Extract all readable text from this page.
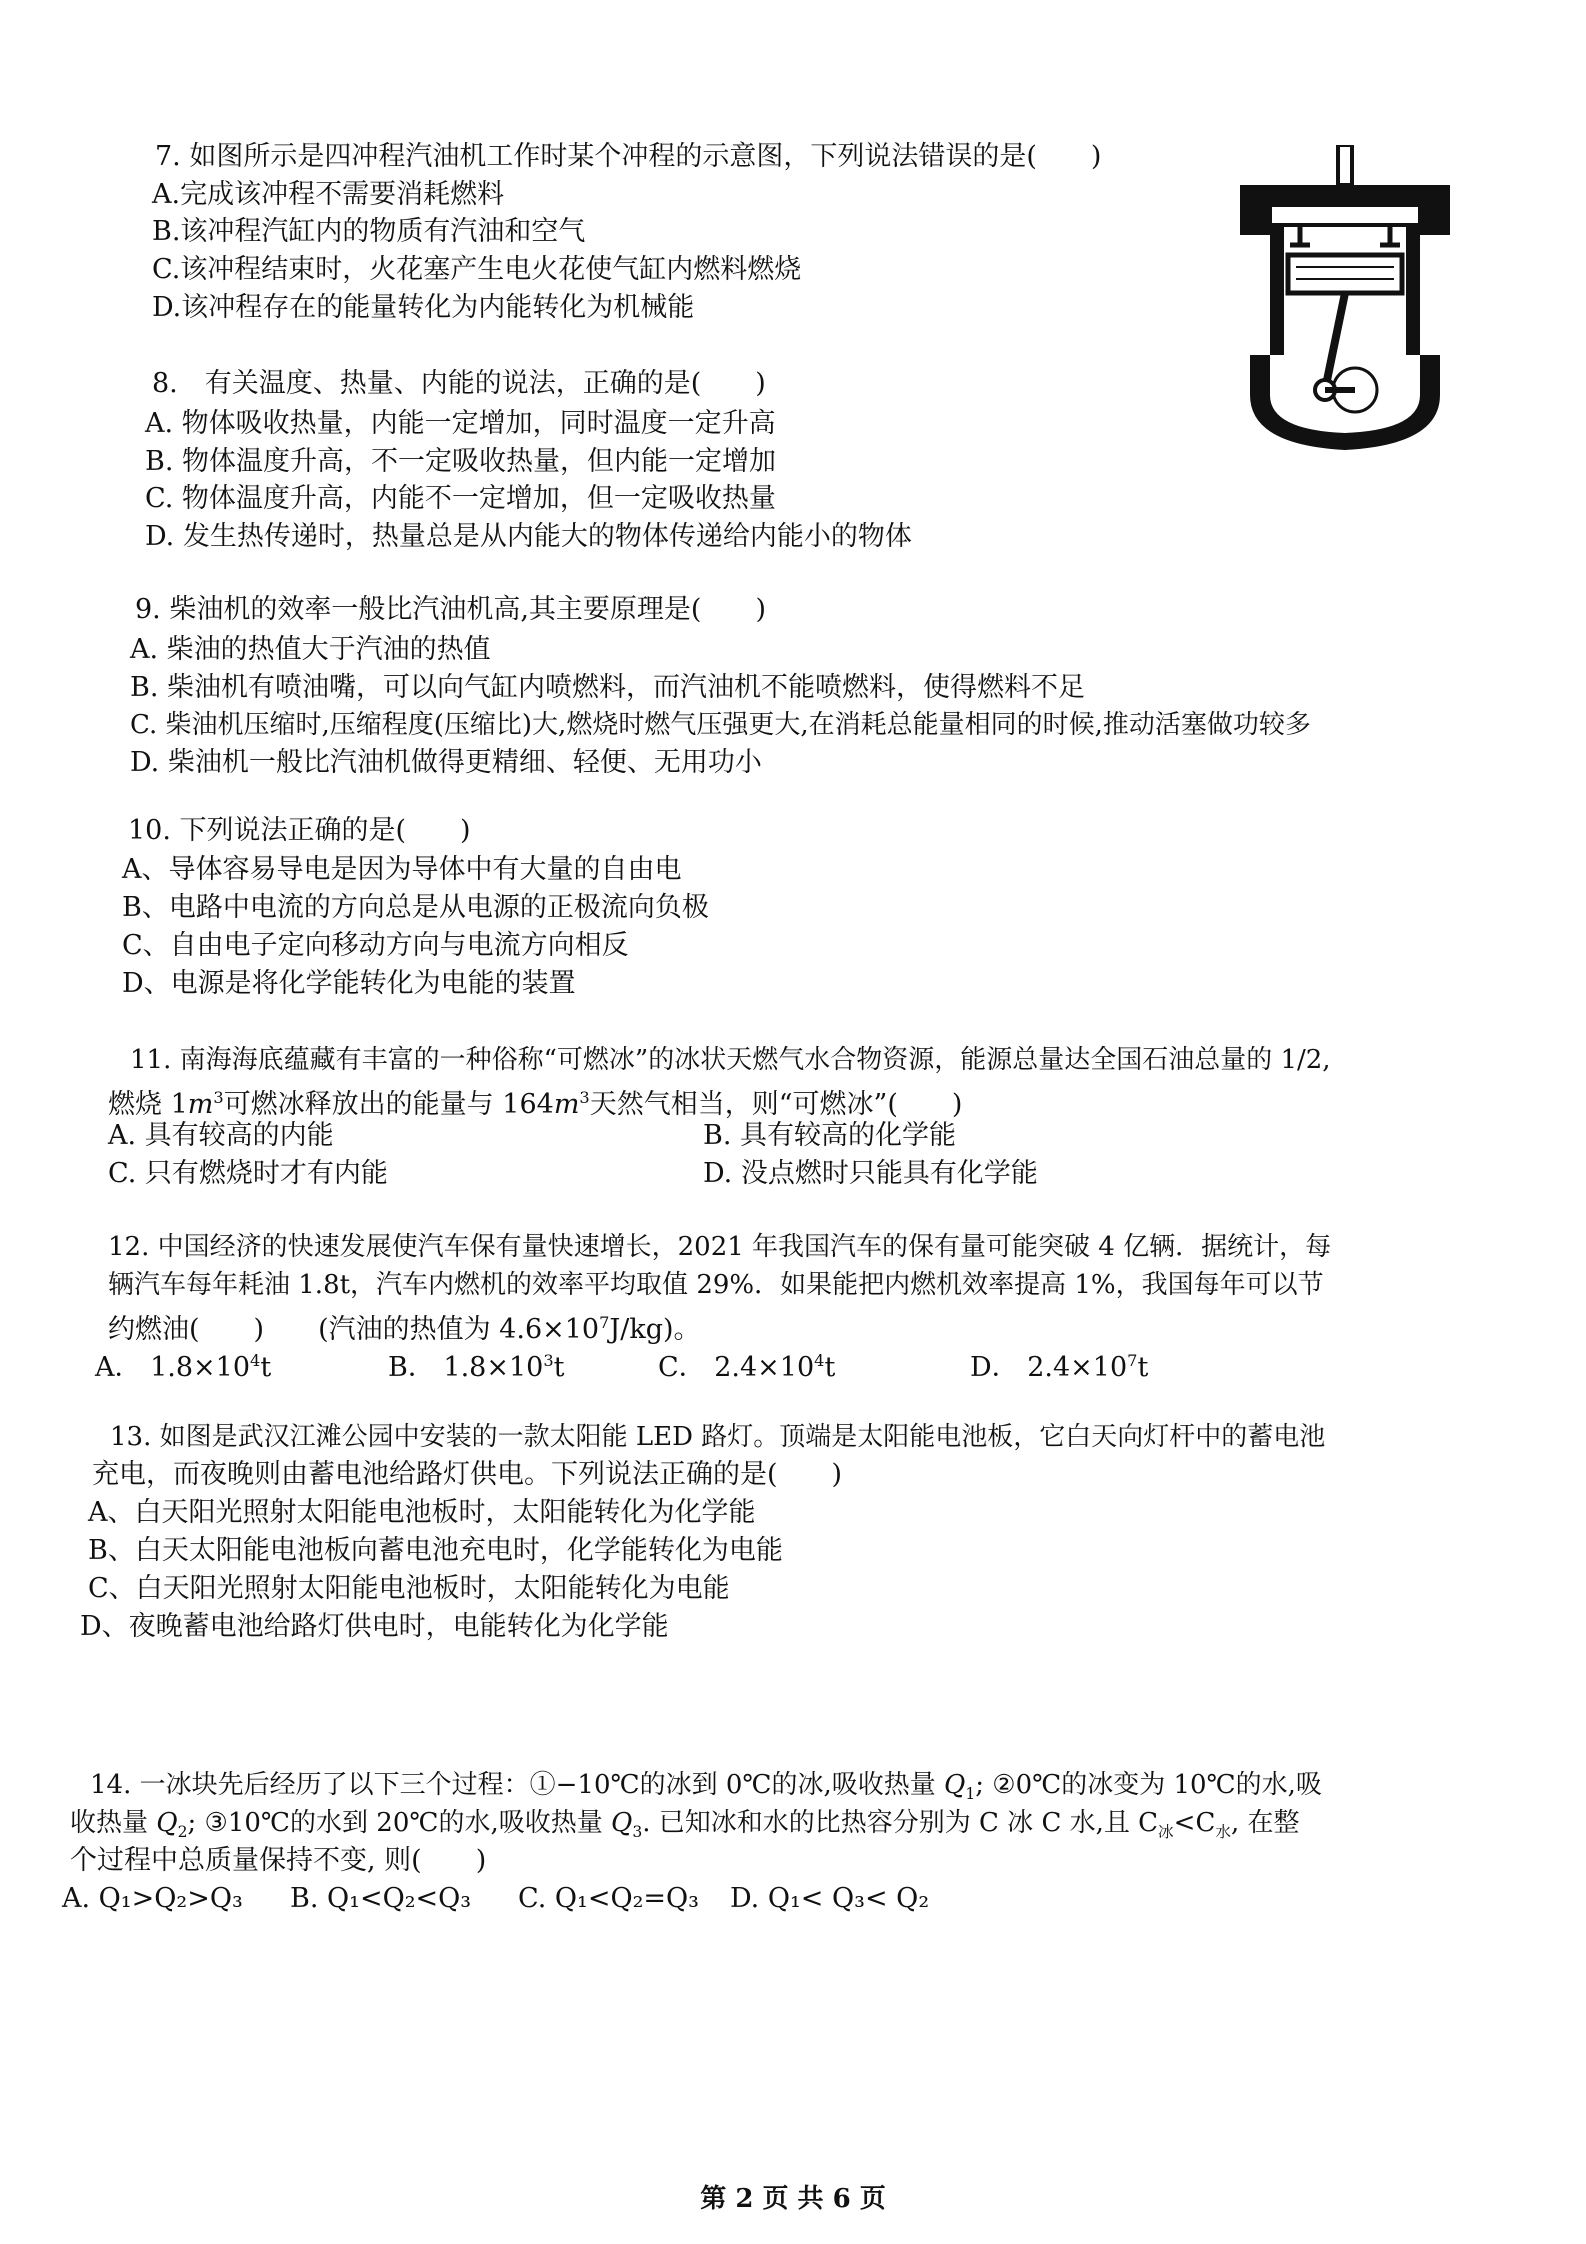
7. 如图所示是四冲程汽油机工作时某个冲程的示意图，下列说法错误的是(　　)
A.完成该冲程不需要消耗燃料
B.该冲程汽缸内的物质有汽油和空气
C.该冲程结束时，火花塞产生电火花使气缸内燃料燃烧
D.该冲程存在的能量转化为内能转化为机械能
8.　有关温度、热量、内能的说法，正确的是(　　)
A. 物体吸收热量，内能一定增加，同时温度一定升高
B. 物体温度升高，不一定吸收热量，但内能一定增加
C. 物体温度升高，内能不一定增加，但一定吸收热量
D. 发生热传递时，热量总是从内能大的物体传递给内能小的物体
9. 柴油机的效率一般比汽油机高,其主要原理是(　　)
A. 柴油的热值大于汽油的热值
B. 柴油机有喷油嘴，可以向气缸内喷燃料，而汽油机不能喷燃料，使得燃料不足
C. 柴油机压缩时,压缩程度(压缩比)大,燃烧时燃气压强更大,在消耗总能量相同的时候,推动活塞做功较多
D. 柴油机一般比汽油机做得更精细、轻便、无用功小
10. 下列说法正确的是(　　)
A、导体容易导电是因为导体中有大量的自由电
B、电路中电流的方向总是从电源的正极流向负极
C、自由电子定向移动方向与电流方向相反
D、电源是将化学能转化为电能的装置
11. 南海海底蕴藏有丰富的一种俗称“可燃冰”的冰状天燃气水合物资源，能源总量达全国石油总量的 1/2,
燃烧 $1m^3$可燃冰释放出的能量与 $164m^3$天然气相当，则“可燃冰”(　　)
A. 具有较高的内能	B. 具有较高的化学能
C. 只有燃烧时才有内能	D. 没点燃时只能具有化学能
12. 中国经济的快速发展使汽车保有量快速增长，2021 年我国汽车的保有量可能突破 4 亿辆．据统计，每
辆汽车每年耗油 1.8t，汽车内燃机的效率平均取值 29%．如果能把内燃机效率提高 1%，我国每年可以节
约燃油(　　)　　(汽油的热值为 $4.6\times 10^7J/kg$)。
A． $1.8\times 10^4t$	B． $1.8\times 10^3t$	C． $2.4\times 10^4t$	D． $2.4\times 10^7t$
13. 如图是武汉江滩公园中安装的一款太阳能 LED 路灯。顶端是太阳能电池板，它白天向灯杆中的蓄电池
充电，而夜晚则由蓄电池给路灯供电。下列说法正确的是(　　)
A、白天阳光照射太阳能电池板时，太阳能转化为化学能
B、白天太阳能电池板向蓄电池充电时，化学能转化为电能
C、白天阳光照射太阳能电池板时，太阳能转化为电能
D、夜晚蓄电池给路灯供电时，电能转化为化学能
14. 一冰块先后经历了以下三个过程：①−10℃的冰到 0℃的冰,吸收热量 $Q_1$; ②0℃的冰变为 10℃的水,吸
收热量 $Q_2$; ③10℃的水到 20℃的水,吸收热量 $Q_3$. 已知冰和水的比热容分别为 C 冰 C 水,且 $C_冰<C_水$, 在整
个过程中总质量保持不变, 则(　　)
A. Q₁>Q₂>Q₃ B. Q₁<Q₂<Q₃ C. Q₁<Q₂=Q₃ D. Q₁< Q₃< Q₂
第 2 页 共 6 页
